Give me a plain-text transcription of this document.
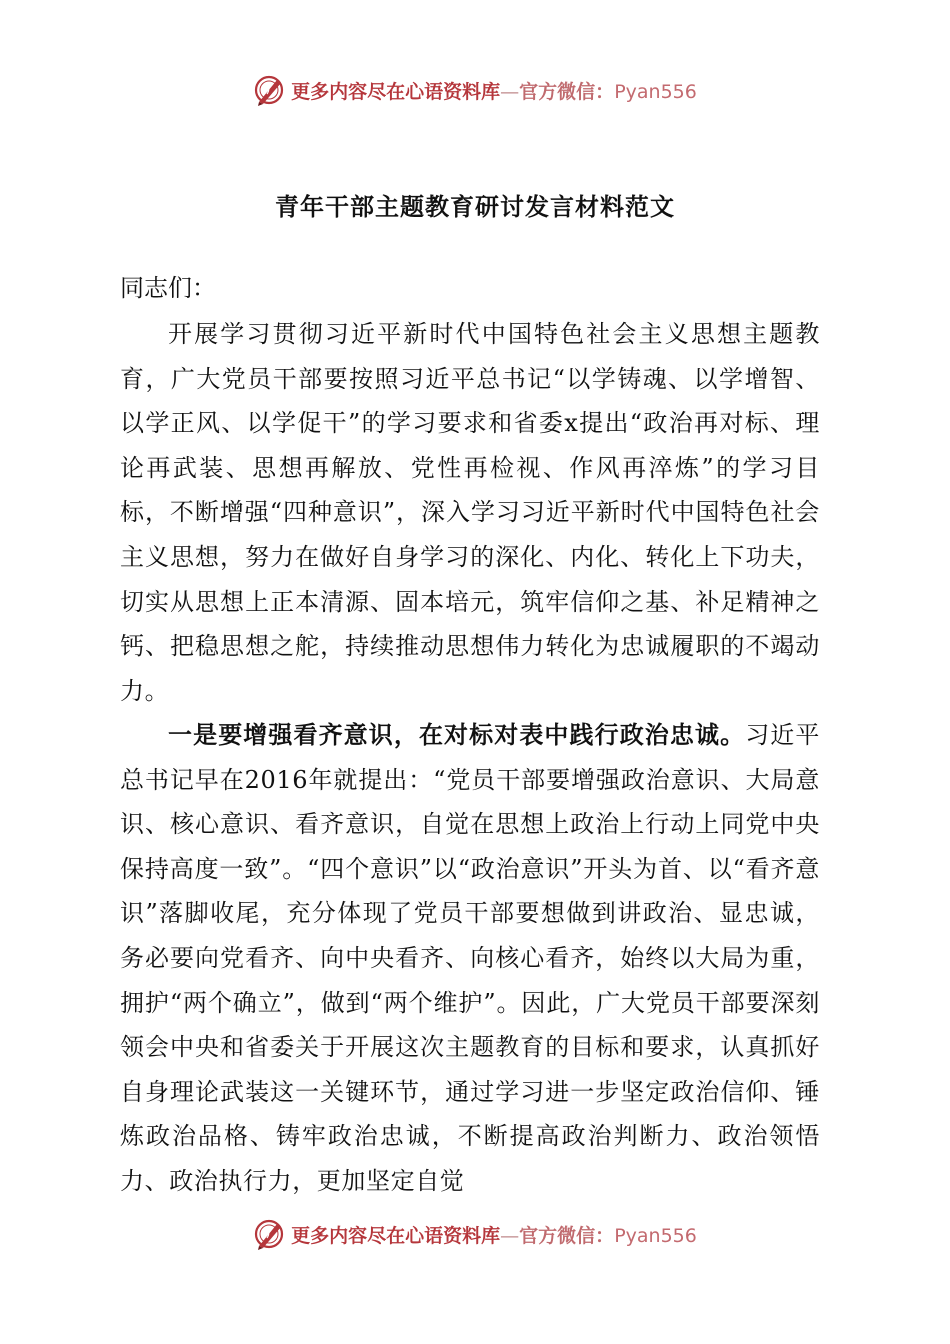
更多内容尽在心语资料库—官方微信：Pyan556
青年干部主题教育研讨发言材料范文

同志们：

开展学习贯彻习近平新时代中国特色社会主义思想主题教育，广大党员干部要按照习近平总书记“以学铸魂、以学增智、以学正风、以学促干”的学习要求和省委x提出“政治再对标、理论再武装、思想再解放、党性再检视、作风再淬炼”的学习目标，不断增强“四种意识”，深入学习习近平新时代中国特色社会主义思想，努力在做好自身学习的深化、内化、转化上下功夫，切实从思想上正本清源、固本培元，筑牢信仰之基、补足精神之钙、把稳思想之舵，持续推动思想伟力转化为忠诚履职的不竭动力。

一是要增强看齐意识，在对标对表中践行政治忠诚。习近平总书记早在2016年就提出：“党员干部要增强政治意识、大局意识、核心意识、看齐意识，自觉在思想上政治上行动上同党中央保持高度一致”。“四个意识”以“政治意识”开头为首、以“看齐意识”落脚收尾，充分体现了党员干部要想做到讲政治、显忠诚，务必要向党看齐、向中央看齐、向核心看齐，始终以大局为重，拥护“两个确立”，做到“两个维护”。因此，广大党员干部要深刻领会中央和省委关于开展这次主题教育的目标和要求，认真抓好自身理论武装这一关键环节，通过学习进一步坚定政治信仰、锤炼政治品格、铸牢政治忠诚，不断提高政治判断力、政治领悟力、政治执行力，更加坚定自觉

更多内容尽在心语资料库—官方微信：Pyan556
